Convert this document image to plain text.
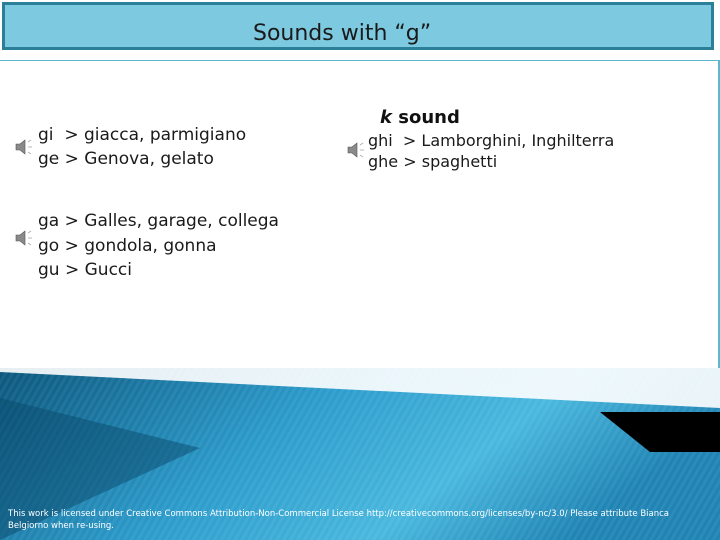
Sounds with “g”
gi > giacca, parmigiano
ge > Genova, gelato
ga > Galles, garage, collega
go > gondola, gonna
gu > Gucci
k sound
ghi > Lamborghini, Inghilterra
ghe > spaghetti
This work is licensed under Creative Commons Attribution-Non-Commercial License http://creativecommons.org/licenses/by-nc/3.0/ Please attribute Bianca Belgiorno when re-using.
